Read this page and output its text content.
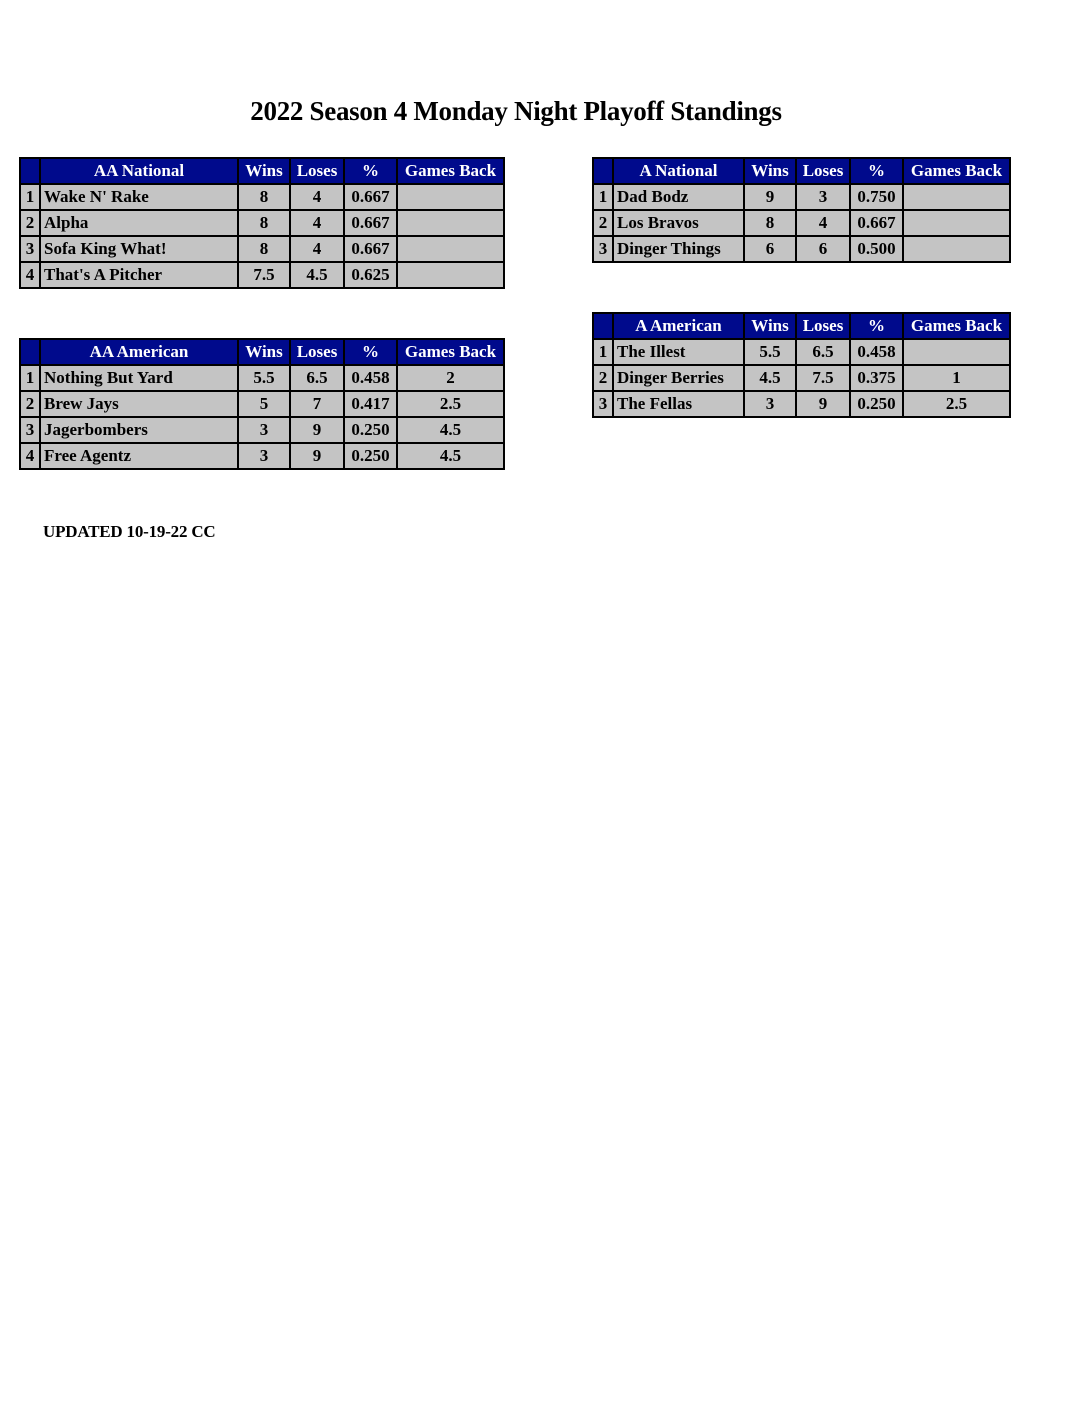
2022 Season 4 Monday Night Playoff Standings
	AA National	Wins	Loses	%	Games Back
1	Wake N' Rake	8	4	0.667	
2	Alpha	8	4	0.667	
3	Sofa King What!	8	4	0.667	
4	That's A Pitcher	7.5	4.5	0.625	
	AA American	Wins	Loses	%	Games Back
1	Nothing But Yard	5.5	6.5	0.458	2
2	Brew Jays	5	7	0.417	2.5
3	Jagerbombers	3	9	0.250	4.5
4	Free Agentz	3	9	0.250	4.5
	A National	Wins	Loses	%	Games Back
1	Dad Bodz	9	3	0.750	
2	Los Bravos	8	4	0.667	
3	Dinger Things	6	6	0.500	
	A American	Wins	Loses	%	Games Back
1	The Illest	5.5	6.5	0.458	
2	Dinger Berries	4.5	7.5	0.375	1
3	The Fellas	3	9	0.250	2.5
UPDATED 10-19-22 CC
